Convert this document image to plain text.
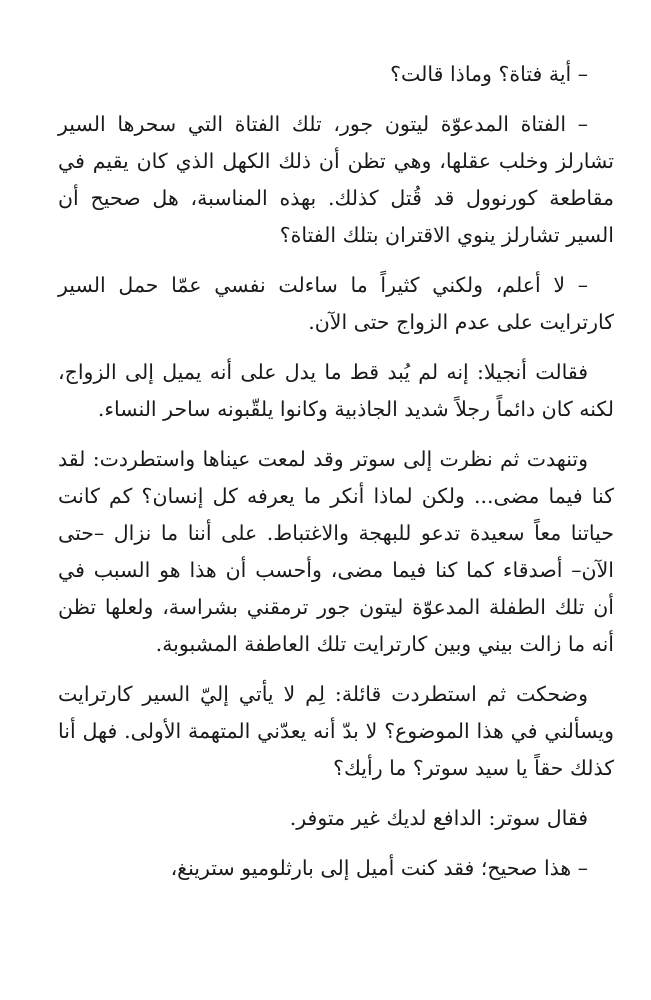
– أية فتاة؟ وماذا قالت؟

– الفتاة المدعوّة ليتون جور، تلك الفتاة التي سحرها السير تشارلز وخلب عقلها، وهي تظن أن ذلك الكهل الذي كان يقيم في مقاطعة كورنوول قد قُتل كذلك. بهذه المناسبة، هل صحيح أن السير تشارلز ينوي الاقتران بتلك الفتاة؟

– لا أعلم، ولكني كثيراً ما ساءلت نفسي عمّا حمل السير كارترايت على عدم الزواج حتى الآن.

فقالت أنجيلا: إنه لم يُبد قط ما يدل على أنه يميل إلى الزواج، لكنه كان دائماً رجلاً شديد الجاذبية وكانوا يلقّبونه ساحر النساء.

وتنهدت ثم نظرت إلى سوتر وقد لمعت عيناها واستطردت: لقد كنا فيما مضى... ولكن لماذا أنكر ما يعرفه كل إنسان؟ كم كانت حياتنا معاً سعيدة تدعو للبهجة والاغتباط. على أننا ما نزال –حتى الآن– أصدقاء كما كنا فيما مضى، وأحسب أن هذا هو السبب في أن تلك الطفلة المدعوّة ليتون جور ترمقني بشراسة، ولعلها تظن أنه ما زالت بيني وبين كارترايت تلك العاطفة المشبوبة.

وضحكت ثم استطردت قائلة: لِم لا يأتي إليّ السير كارترايت ويسألني في هذا الموضوع؟ لا بدّ أنه يعدّني المتهمة الأولى. فهل أنا كذلك حقاً يا سيد سوتر؟ ما رأيك؟

فقال سوتر: الدافع لديك غير متوفر.

– هذا صحيح؛ فقد كنت أميل إلى بارثلوميو سترينغ،
